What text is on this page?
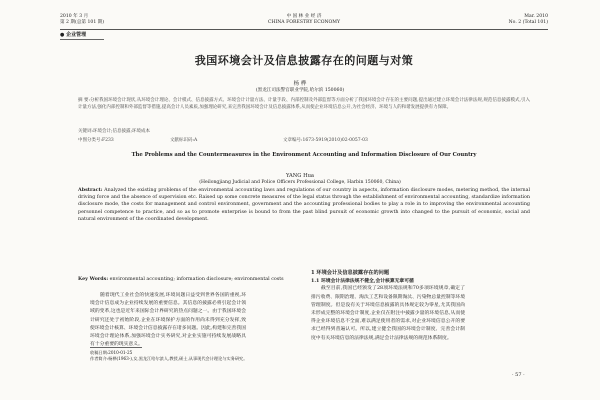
2010 年 3 月
第 2 期(总第 101 期)
中 国 林 业 经 济
CHINA FORESTRY ECONOMY
Mar. 2010
No. 2 (Total 101)
● 企业管理
我国环境会计及信息披露存在的问题与对策
杨 桦
(黑龙江司法警官职业学院,哈尔滨 150060)
摘 要:分析我国环境会计现状,从环境会计理论、会计模式、信息披露方式、环境会计计量方法、计量手段、内部控制及外部监督等方面分析了我国环境会计存在的主要问题,提出通过建立环境会计法律法规,规范信息披露模式,引入计量方法,强化内部控制和外部监督等措施,提高会计人员素质,加强理论研究,来完善我国环境会计及信息披露体系,从而使企业环境信息公开,为社会经济、环境与人的和谐发展提供有力保障。
关键词:环境会计;信息披露;环境成本
中图分类号:F233	文献标识码:A	文章编号:1673-5919(2010)02-0057-03
The Problems and the Countermeasures in the Environment Accounting and Information Disclosure of Our Country
YANG Hua
(Heilongjiang Judicial and Police Officers Professional College, Harbin 150060, China)
Abstract: Analyzed the existing problems of the environmental accounting laws and regulations of our country in aspects, information disclosure modes, metering method, the internal driving force and the absence of supervision etc. Raised up some concrete measures of the legal status through the establishment of environmental accounting, standardize information disclosure mode, the costs for management and control environment, government and the accounting professional bodies to play a role in to improving the environmental accounting personnel competence to practice, and so as to promote enterprise is bound to from the past blind pursuit of economic growth into changed to the pursuit of economic, social and natural environment of the coordinated development.
Key Words: environmental accounting; information disclosure; environmental costs
随着现代工业社会的快速发展,环境问题日益受到世界各国的重视,环境会计信息成为企业持续发展的重要信息。其信息的披露必将引起会计领域的变革,这也是近年来国际会计界研究的热点问题之一。由于我国环境会计研究还处于初始阶段,企业在环境保护方面的作用尚未得到充分发挥,致使环境会计核算、环境会计信息披露存在诸多问题。因此,构建和完善我国环境会计理论体系,加强环境会计实务研究,对企业实施可持续发展战略具有十分重要的现实意义。
收稿日期:2010-01-25
作者简介:杨桦(1963-),女,黑龙江哈尔滨人,教授,硕士,从事现代会计理论与实务研究。
1 环境会计及信息披露存在的问题
1.1 环境会计法律法规不健全,会计核算无章可循
截至目前,我国已经颁发了28项环境法规和70多项环境规章,确定了排污收费、限期治理、淘汰工艺和设备限期淘汰、污染物总量控制等环境管理制度。但是没有关于环境信息披露的具体规定较为零星,尤其我国尚未形成完整的环境会计制度,企业仅在附注中披露少量的环境信息,从而使得企业环境信息不全面,难以满足使用者的需求,对企业环境信息公开的要求已经得到普遍认可。所以,建立健全我国的环境会计制度、完善会计制度中有关环境信息的法律法规,满足会计法律法规的规范体系制度。
· 57 ·
